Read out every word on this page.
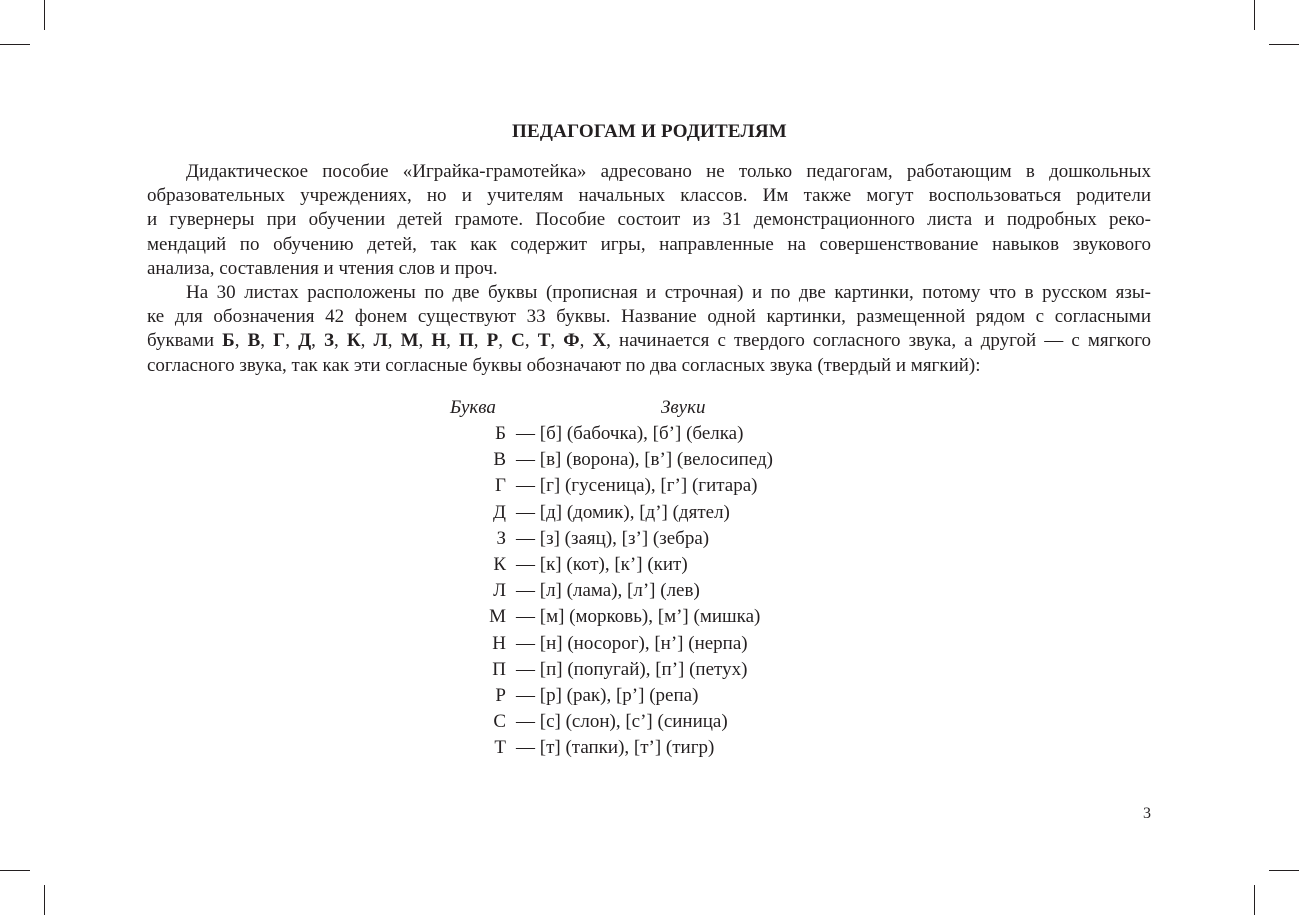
ПЕДАГОГАМ И РОДИТЕЛЯМ

Дидактическое пособие «Играйка-грамотейка» адресовано не только педагогам, работающим в дошкольных
образовательных учреждениях, но и учителям начальных классов. Им также могут воспользоваться родители
и гувернеры при обучении детей грамоте. Пособие состоит из 31 демонстрационного листа и подробных реко-
мендаций по обучению детей, так как содержит игры, направленные на совершенствование навыков звукового
анализа, составления и чтения слов и проч.

На 30 листах расположены по две буквы (прописная и строчная) и по две картинки, потому что в русском язы-
ке для обозначения 42 фонем существуют 33 буквы. Название одной картинки, размещенной рядом с согласными
буквами Б, В, Г, Д, З, К, Л, М, Н, П, Р, С, Т, Ф, Х, начинается с твердого согласного звука, а другой — с мягкого
согласного звука, так как эти согласные буквы обозначают по два согласных звука (твердый и мягкий):

Буква	Звуки
Б — [б] (бабочка), [б’] (белка)
В — [в] (ворона), [в’] (велосипед)
Г — [г] (гусеница), [г’] (гитара)
Д — [д] (домик), [д’] (дятел)
З — [з] (заяц), [з’] (зебра)
К — [к] (кот), [к’] (кит)
Л — [л] (лама), [л’] (лев)
М — [м] (морковь), [м’] (мишка)
Н — [н] (носорог), [н’] (нерпа)
П — [п] (попугай), [п’] (петух)
Р — [р] (рак), [р’] (репа)
С — [с] (слон), [с’] (синица)
Т — [т] (тапки), [т’] (тигр)
3
